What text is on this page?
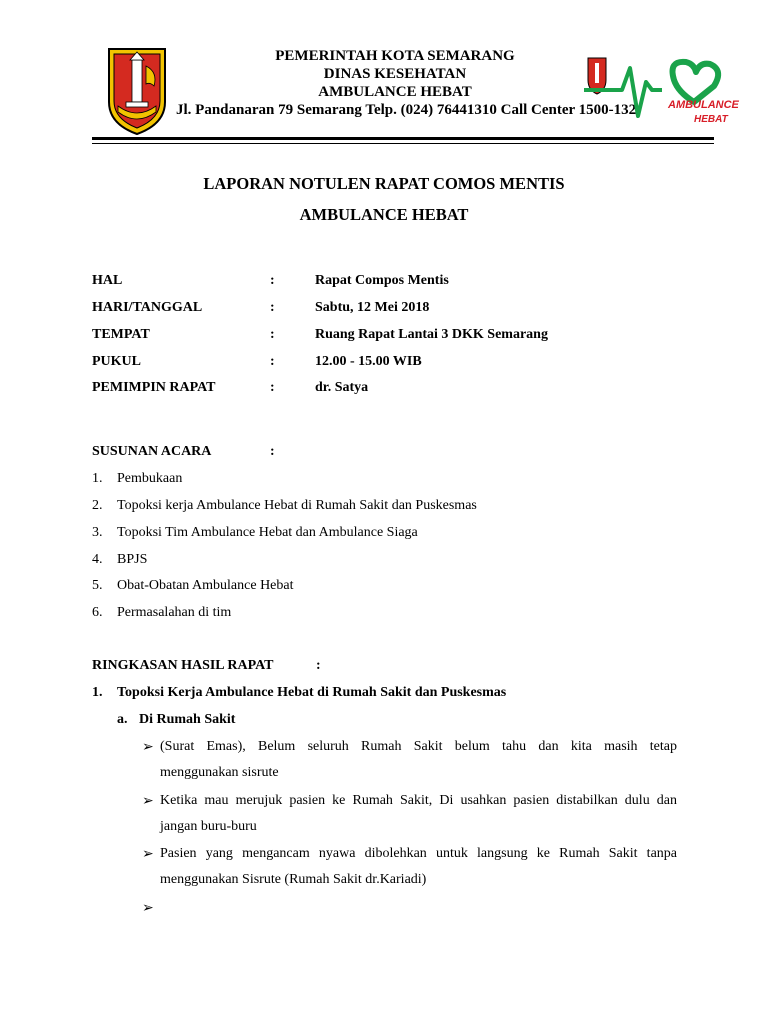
PEMERINTAH KOTA SEMARANG
DINAS KESEHATAN
AMBULANCE HEBAT
Jl. Pandanaran 79 Semarang Telp. (024) 76441310 Call Center 1500-132	AMBULANCE
HEBAT
LAPORAN NOTULEN RAPAT COMOS MENTIS
AMBULANCE HEBAT
HAL	:	Rapat Compos Mentis
HARI/TANGGAL	:	Sabtu, 12 Mei 2018
TEMPAT	:	Ruang Rapat Lantai 3 DKK Semarang
PUKUL	:	12.00 - 15.00 WIB
PEMIMPIN RAPAT	:	dr. Satya
SUSUNAN ACARA	:
1. Pembukaan
2. Topoksi kerja Ambulance Hebat di Rumah Sakit dan Puskesmas
3. Topoksi Tim Ambulance Hebat dan Ambulance Siaga
4. BPJS
5. Obat-Obatan Ambulance Hebat
6. Permasalahan di tim
RINGKASAN HASIL RAPAT	:
1. Topoksi Kerja Ambulance Hebat di Rumah Sakit dan Puskesmas
a. Di Rumah Sakit
➢ (Surat Emas), Belum seluruh Rumah Sakit belum tahu dan kita masih tetap
menggunakan sisrute
➢ Ketika mau merujuk pasien ke Rumah Sakit, Di usahkan pasien distabilkan dulu dan
jangan buru-buru
➢ Pasien yang mengancam nyawa dibolehkan untuk langsung ke Rumah Sakit tanpa
menggunakan Sisrute (Rumah Sakit dr.Kariadi)
➢
